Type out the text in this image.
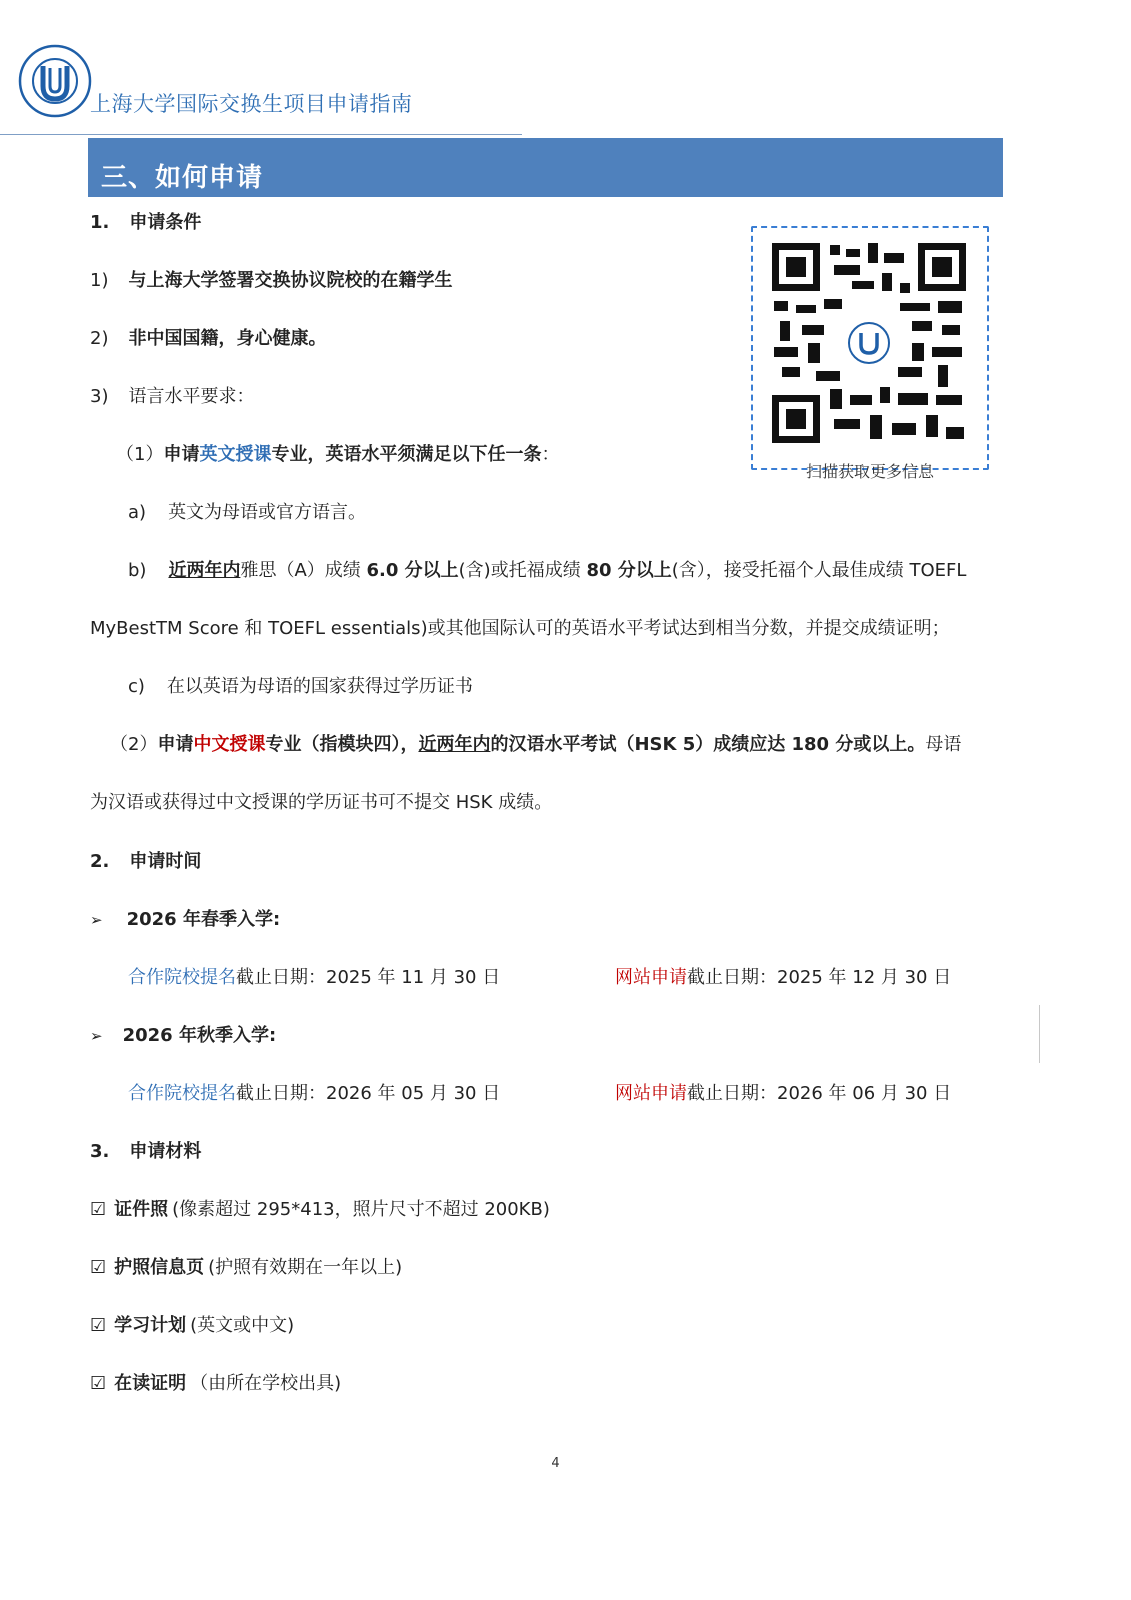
上海大学国际交换生项目申请指南
三、如何申请
1. 申请条件
1) 与上海大学签署交换协议院校的在籍学生
2) 非中国国籍，身心健康。
3) 语言水平要求：
（1）申请英文授课专业，英语水平须满足以下任一条：
a) 英文为母语或官方语言。
b) 近两年内雅思（A）成绩 6.0 分以上(含)或托福成绩 80 分以上(含），接受托福个人最佳成绩 TOEFL
MyBestTM Score 和 TOEFL essentials)或其他国际认可的英语水平考试达到相当分数，并提交成绩证明；
c) 在以英语为母语的国家获得过学历证书
（2）申请中文授课专业（指模块四），近两年内的汉语水平考试（HSK 5）成绩应达 180 分或以上。母语
为汉语或获得过中文授课的学历证书可不提交 HSK 成绩。
扫描获取更多信息
2. 申请时间
➢ 2026 年春季入学:
合作院校提名截止日期：2025 年 11 月 30 日	网站申请截止日期：2025 年 12 月 30 日
➢ 2026 年秋季入学:
合作院校提名截止日期：2026 年 05 月 30 日	网站申请截止日期：2026 年 06 月 30 日
3. 申请材料
☑ 证件照 (像素超过 295*413，照片尺寸不超过 200KB)
☑ 护照信息页 (护照有效期在一年以上)
☑ 学习计划 (英文或中文)
☑ 在读证明 （由所在学校出具)
4
